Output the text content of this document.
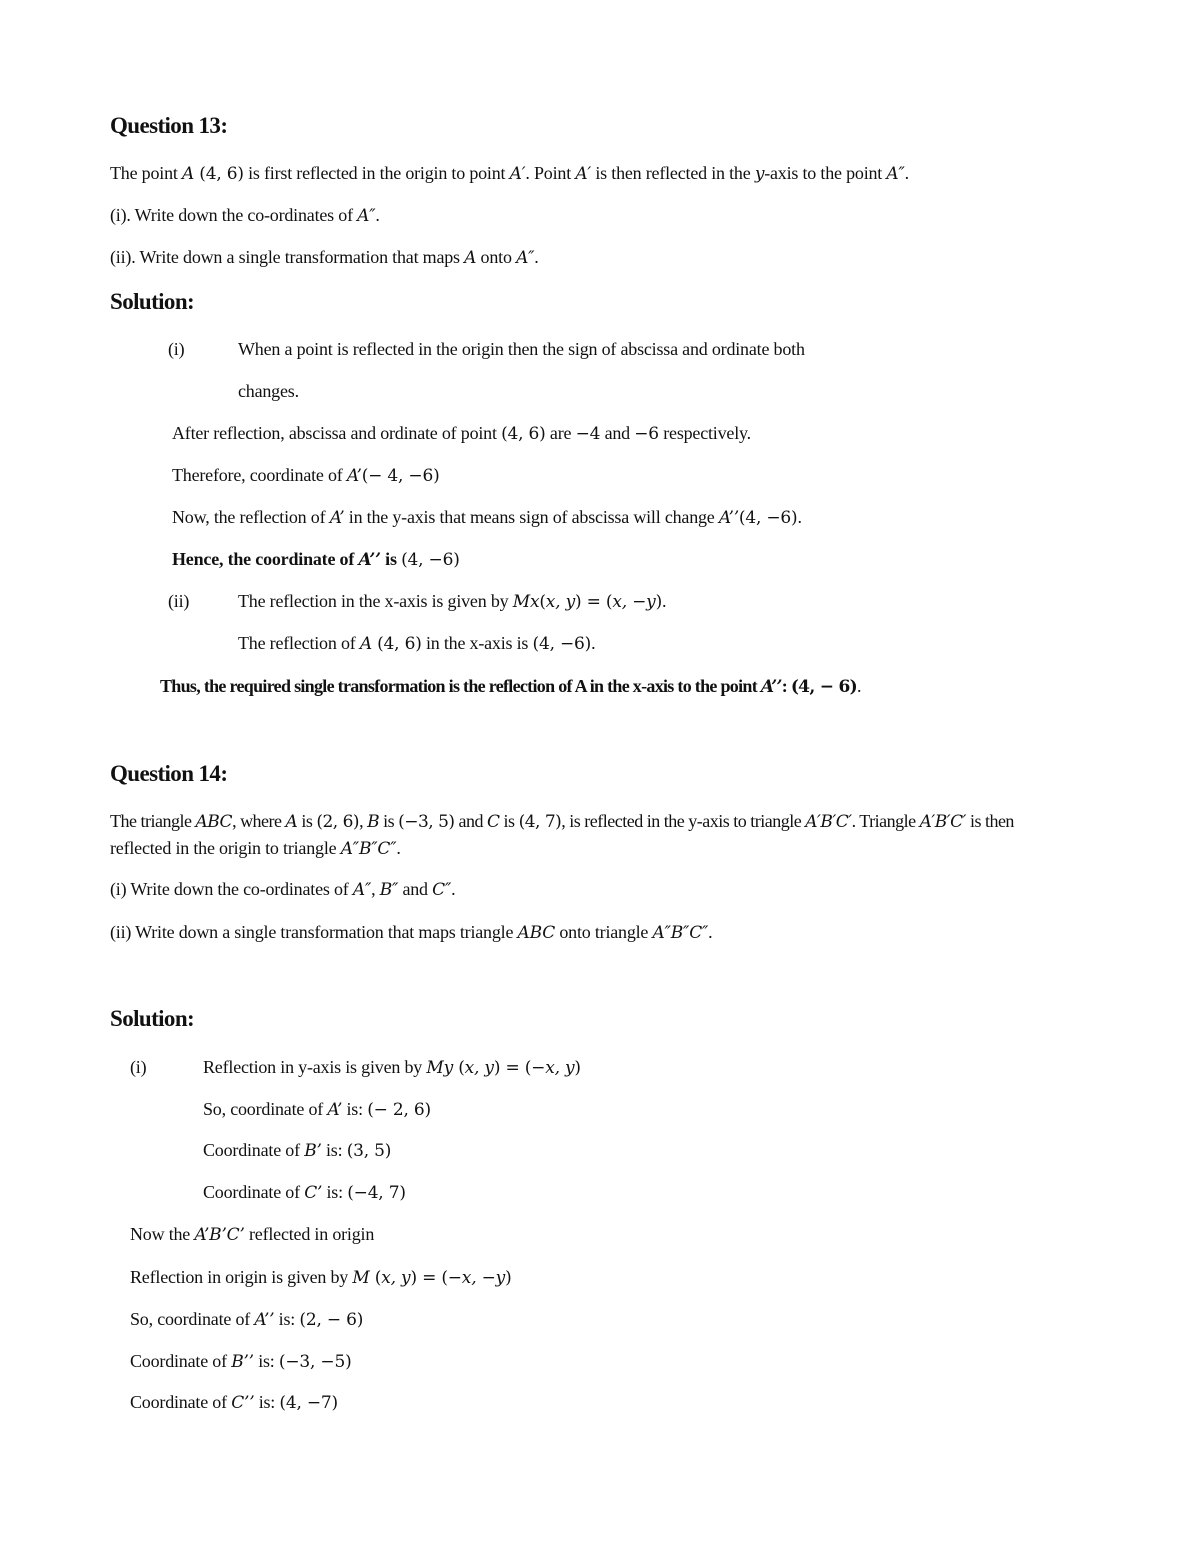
Question 13:
The point A (4, 6) is first reflected in the origin to point A′. Point A′ is then reflected in the y-axis to the point A″.
(i). Write down the co-ordinates of A″.
(ii). Write down a single transformation that maps A onto A″.
Solution:
(i)	When a point is reflected in the origin then the sign of abscissa and ordinate both
changes.
After reflection, abscissa and ordinate of point (4, 6) are −4 and −6 respectively.
Therefore, coordinate of A’(− 4, −6)
Now, the reflection of A’ in the y-axis that means sign of abscissa will change A’’(4, −6).
Hence, the coordinate of A’’ is (4, −6)
(ii)	The reflection in the x-axis is given by Mx(x, y) = (x, −y).
The reflection of A (4, 6) in the x-axis is (4, −6).
Thus, the required single transformation is the reflection of A in the x-axis to the point A’’: (4, − 6).
Question 14:
The triangle ABC, where A is (2, 6), B is (−3, 5) and C is (4, 7), is reflected in the y-axis to triangle A′B′C′. Triangle A′B′C′ is then
reflected in the origin to triangle A″B″C″.
(i) Write down the co-ordinates of A″, B″ and C″.
(ii) Write down a single transformation that maps triangle ABC onto triangle A″B″C″.
Solution:
(i)	Reflection in y-axis is given by My (x, y) = (−x, y)
So, coordinate of A’ is: (− 2, 6)
Coordinate of B’ is: (3, 5)
Coordinate of C’ is: (−4, 7)
Now the A’B’C’ reflected in origin
Reflection in origin is given by M (x, y) = (−x, −y)
So, coordinate of A’’ is: (2, − 6)
Coordinate of B’’ is: (−3, −5)
Coordinate of C’’ is: (4, −7)
